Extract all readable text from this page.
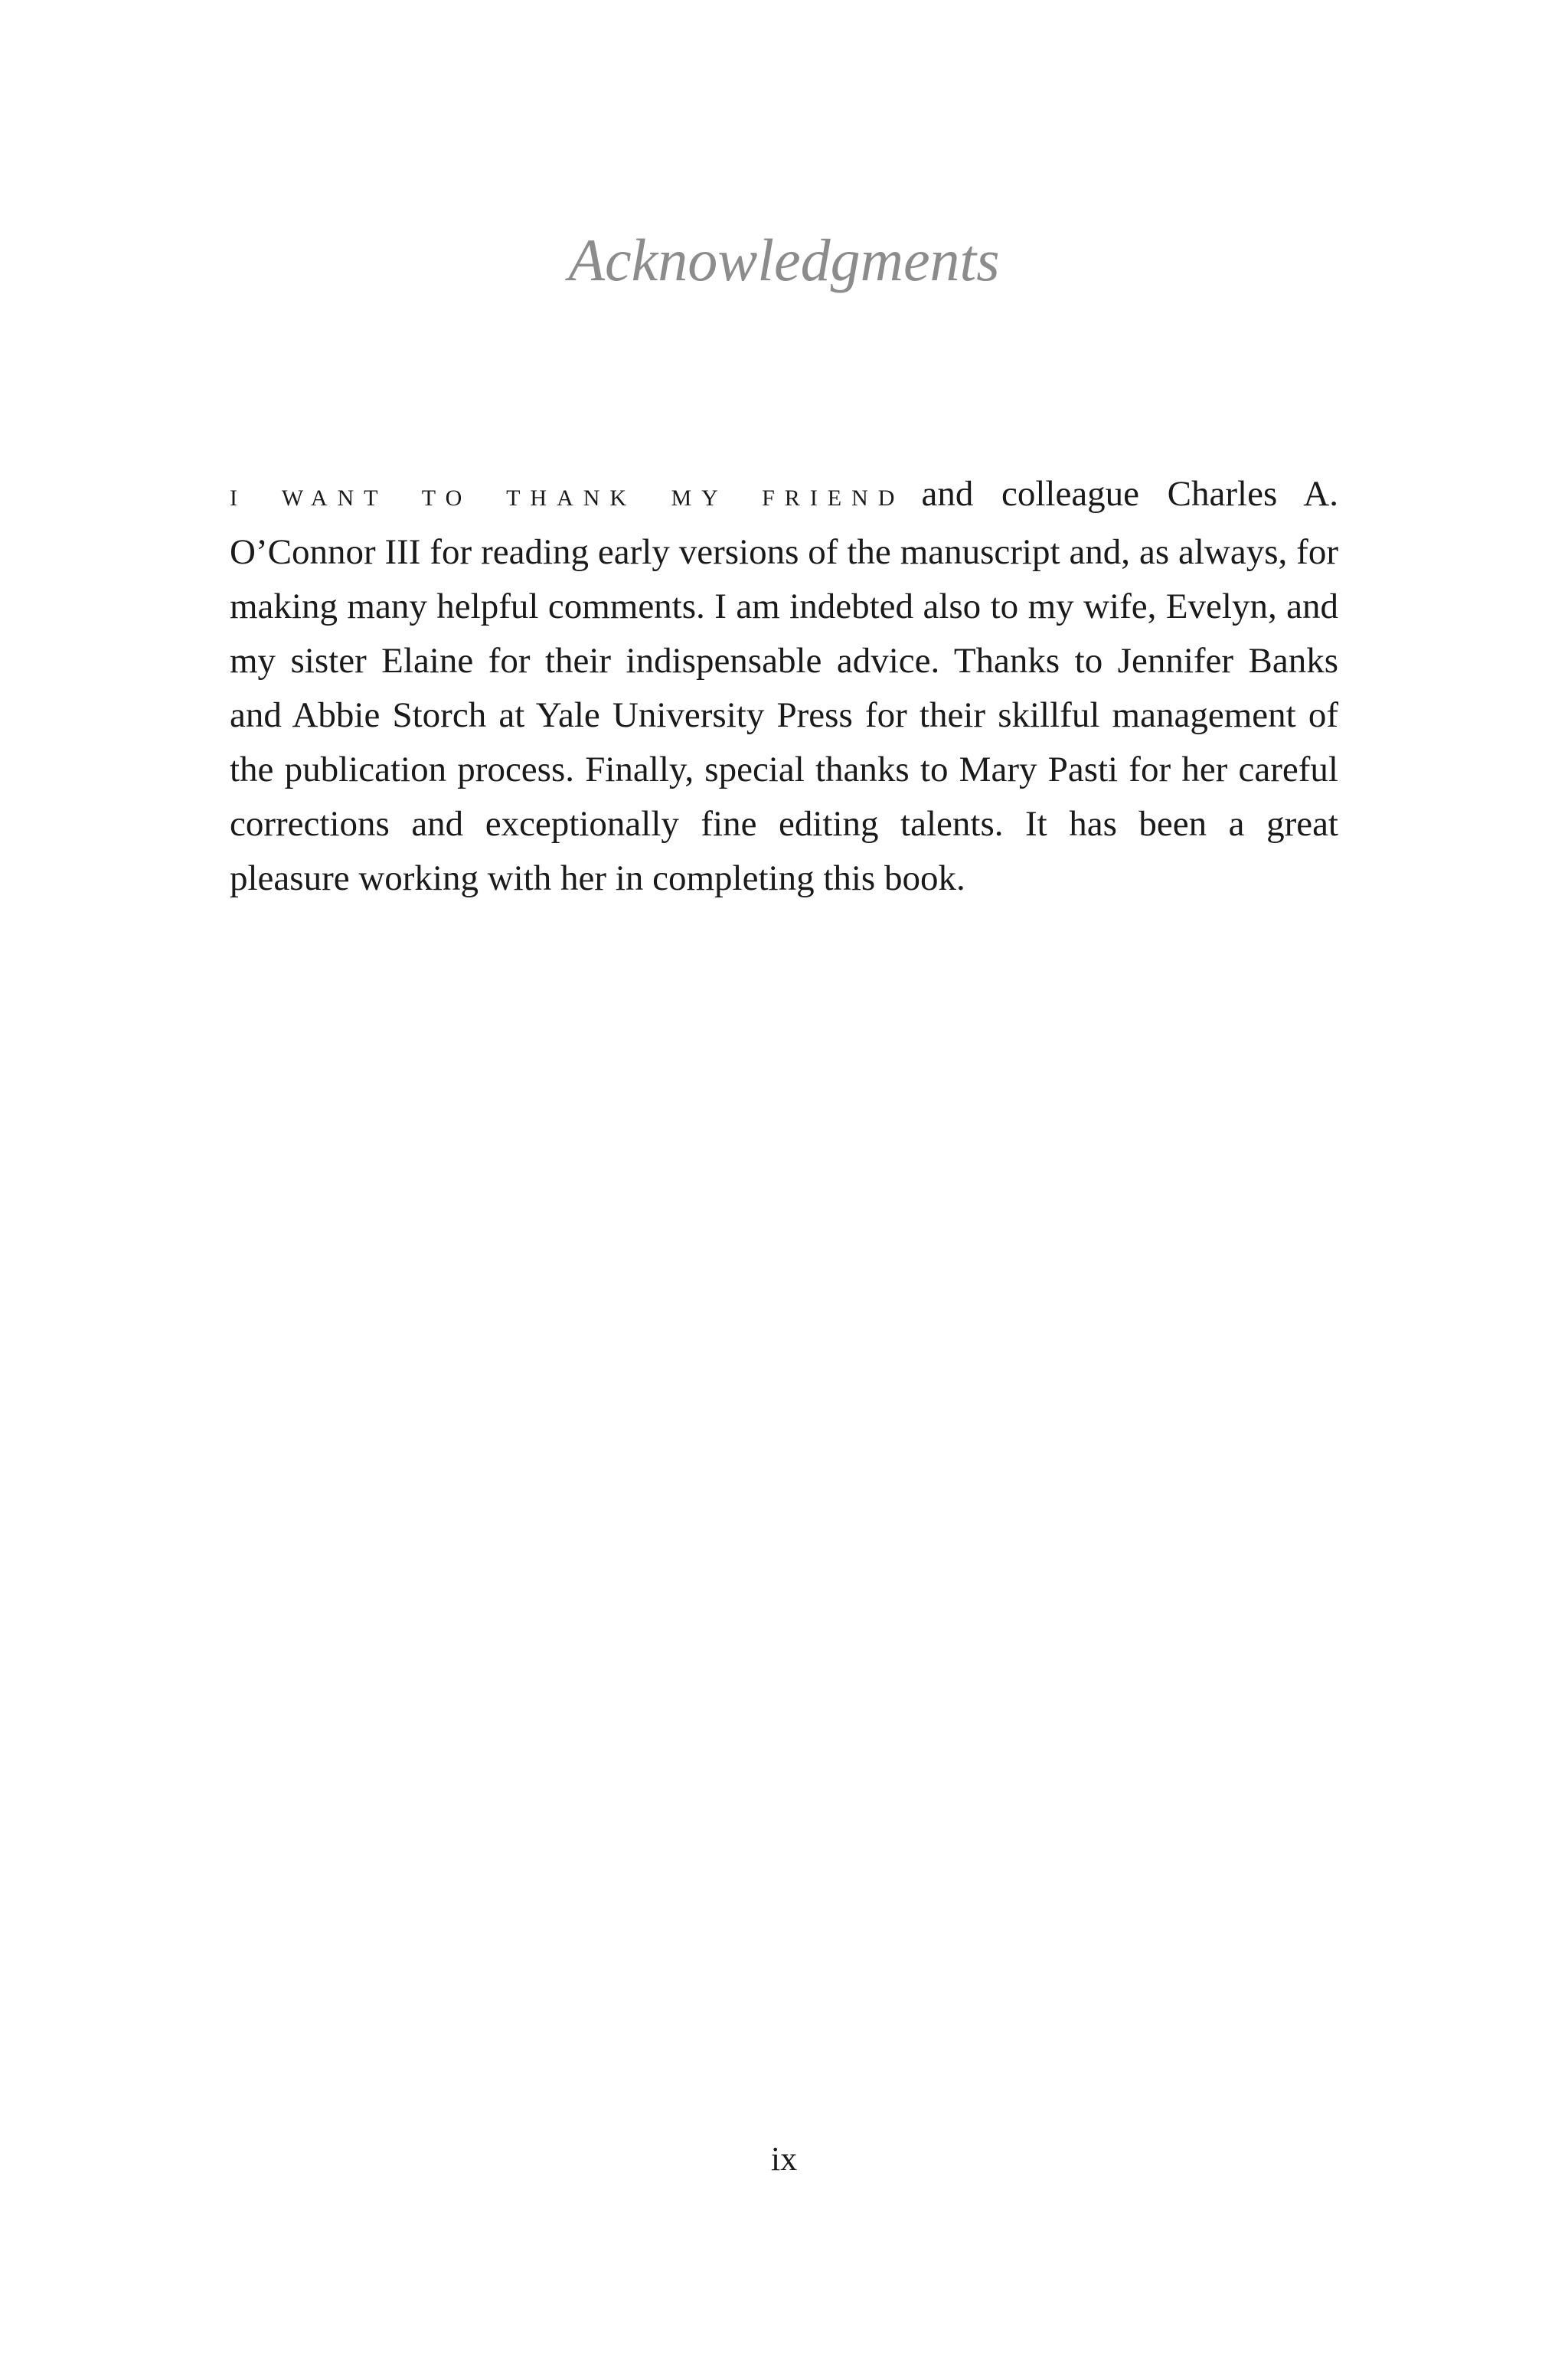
Acknowledgments

I WANT TO THANK MY FRIEND and colleague Charles A. O’Connor III for reading early versions of the manuscript and, as always, for making many helpful comments. I am indebted also to my wife, Evelyn, and my sister Elaine for their indispensable advice. Thanks to Jennifer Banks and Abbie Storch at Yale University Press for their skillful management of the publication process. Finally, special thanks to Mary Pasti for her careful corrections and exceptionally fine editing talents. It has been a great pleasure working with her in completing this book.

ix
